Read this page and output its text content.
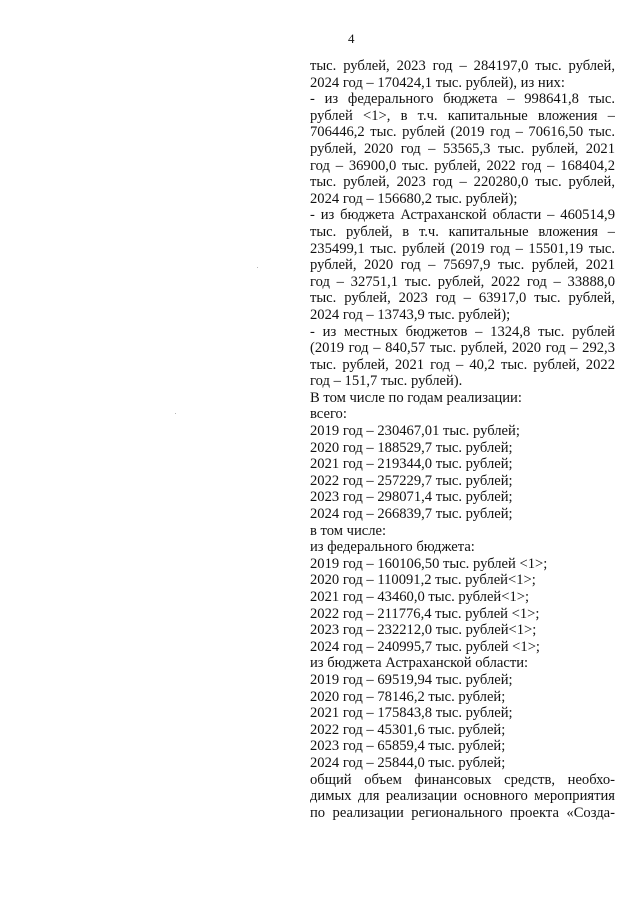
4
тыс. рублей, 2023 год – 284197,0 тыс. рублей,
2024 год – 170424,1 тыс. рублей), из них:
- из федерального бюджета – 998641,8 тыс.
рублей <1>, в т.ч. капитальные вложения –
706446,2 тыс. рублей (2019 год – 70616,50 тыс.
рублей, 2020 год – 53565,3 тыс. рублей, 2021
год – 36900,0 тыс. рублей, 2022 год – 168404,2
тыс. рублей, 2023 год – 220280,0 тыс. рублей,
2024 год – 156680,2 тыс. рублей);
- из бюджета Астраханской области – 460514,9
тыс. рублей, в т.ч. капитальные вложения –
235499,1 тыс. рублей (2019 год – 15501,19 тыс.
рублей, 2020 год – 75697,9 тыс. рублей, 2021
год – 32751,1 тыс. рублей, 2022 год – 33888,0
тыс. рублей, 2023 год – 63917,0 тыс. рублей,
2024 год – 13743,9 тыс. рублей);
- из местных бюджетов – 1324,8 тыс. рублей
(2019 год – 840,57 тыс. рублей, 2020 год – 292,3
тыс. рублей, 2021 год – 40,2 тыс. рублей, 2022
год – 151,7 тыс. рублей).
В том числе по годам реализации:
всего:
2019 год – 230467,01 тыс. рублей;
2020 год – 188529,7 тыс. рублей;
2021 год – 219344,0 тыс. рублей;
2022 год – 257229,7 тыс. рублей;
2023 год – 298071,4 тыс. рублей;
2024 год – 266839,7 тыс. рублей;
в том числе:
из федерального бюджета:
2019 год – 160106,50 тыс. рублей <1>;
2020 год – 110091,2 тыс. рублей<1>;
2021 год – 43460,0 тыс. рублей<1>;
2022 год – 211776,4 тыс. рублей <1>;
2023 год – 232212,0 тыс. рублей<1>;
2024 год – 240995,7 тыс. рублей <1>;
из бюджета Астраханской области:
2019 год – 69519,94 тыс. рублей;
2020 год – 78146,2 тыс. рублей;
2021 год – 175843,8 тыс. рублей;
2022 год – 45301,6 тыс. рублей;
2023 год – 65859,4 тыс. рублей;
2024 год – 25844,0 тыс. рублей;
общий объем финансовых средств, необхо-
димых для реализации основного мероприятия
по реализации регионального проекта «Созда-
